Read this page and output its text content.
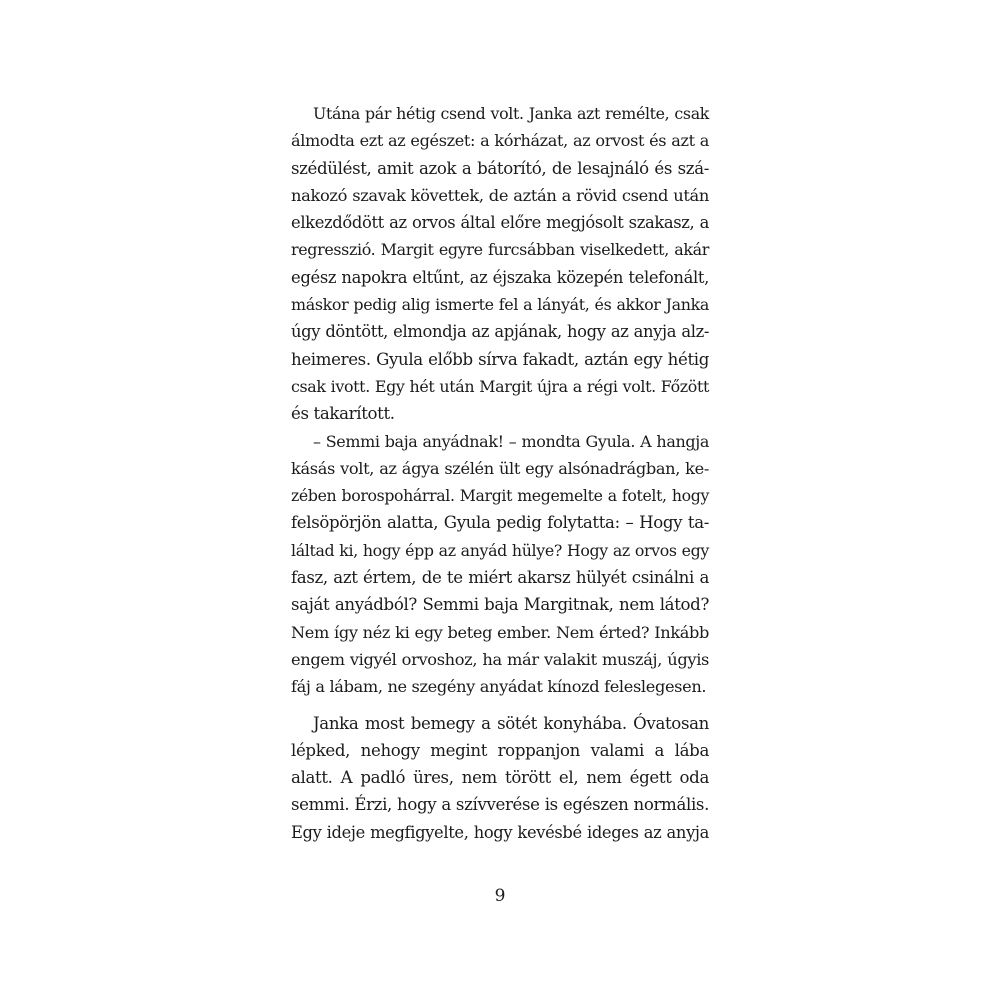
Utána pár hétig csend volt. Janka azt remélte, csak
álmodta ezt az egészet: a kórházat, az orvost és azt a
szédülést, amit azok a bátorító, de lesajnáló és szá-
nakozó szavak követtek, de aztán a rövid csend után
elkezdődött az orvos által előre megjósolt szakasz, a
regresszió. Margit egyre furcsábban viselkedett, akár
egész napokra eltűnt, az éjszaka közepén telefonált,
máskor pedig alig ismerte fel a lányát, és akkor Janka
úgy döntött, elmondja az apjának, hogy az anyja alz-
heimeres. Gyula előbb sírva fakadt, aztán egy hétig
csak ivott. Egy hét után Margit újra a régi volt. Főzött
és takarított.
– Semmi baja anyádnak! – mondta Gyula. A hangja
kásás volt, az ágya szélén ült egy alsónadrágban, ke-
zében borospohárral. Margit megemelte a fotelt, hogy
felsöpörjön alatta, Gyula pedig folytatta: – Hogy ta-
láltad ki, hogy épp az anyád hülye? Hogy az orvos egy
fasz, azt értem, de te miért akarsz hülyét csinálni a
saját anyádból? Semmi baja Margitnak, nem látod?
Nem így néz ki egy beteg ember. Nem érted? Inkább
engem vigyél orvoshoz, ha már valakit muszáj, úgyis
fáj a lábam, ne szegény anyádat kínozd feleslegesen.
Janka most bemegy a sötét konyhába. Óvatosan
lépked, nehogy megint roppanjon valami a lába
alatt. A padló üres, nem törött el, nem égett oda
semmi. Érzi, hogy a szívverése is egészen normális.
Egy ideje megfigyelte, hogy kevésbé ideges az anyja
9
